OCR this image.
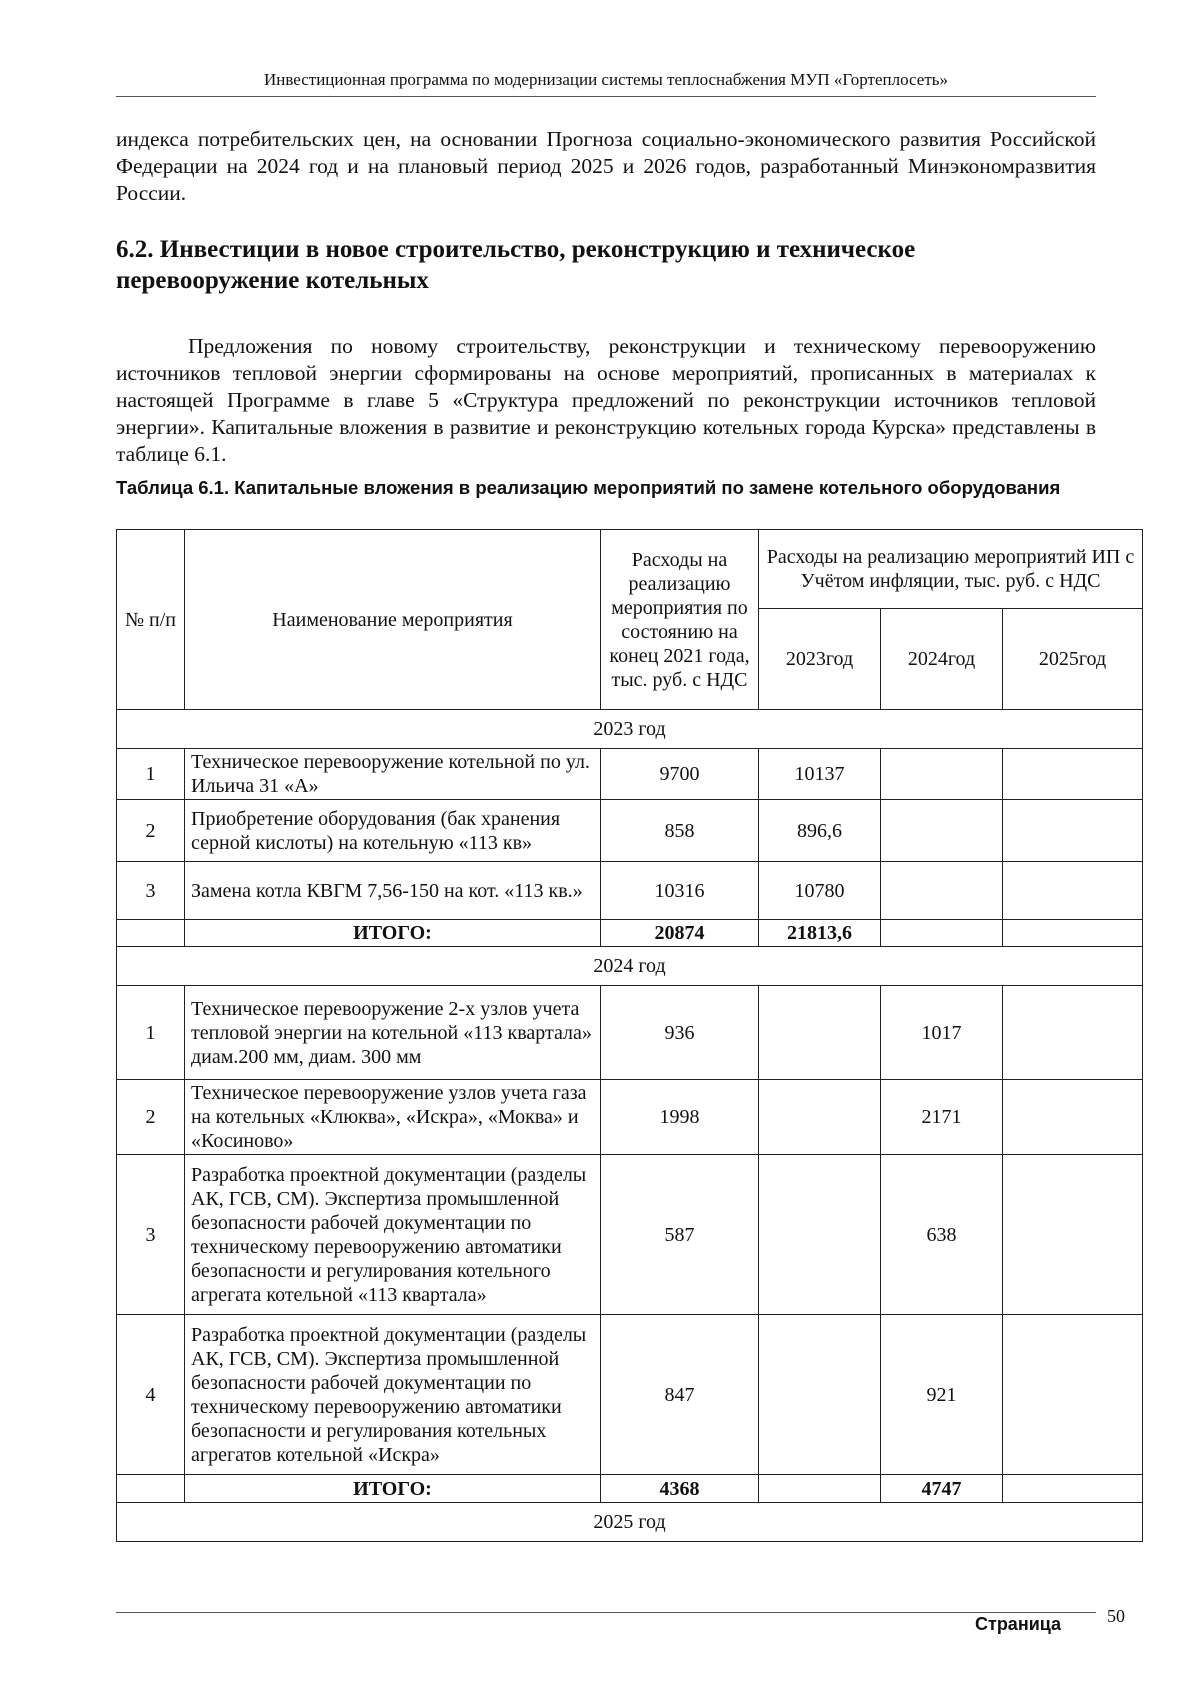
Инвестиционная программа по модернизации системы теплоснабжения МУП «Гортеплосеть»
индекса потребительских цен, на основании Прогноза социально-экономического развития Российской Федерации на 2024 год и на плановый период 2025 и 2026 годов, разработанный Минэкономразвития России.
6.2. Инвестиции в новое строительство, реконструкцию и техническое перевооружение котельных
Предложения по новому строительству, реконструкции и техническому перевооружению источников тепловой энергии сформированы на основе мероприятий, прописанных в материалах к настоящей Программе в главе 5 «Структура предложений по реконструкции источников тепловой энергии». Капитальные вложения в развитие и реконструкцию котельных города Курска» представлены в таблице 6.1.
Таблица 6.1. Капитальные вложения в реализацию мероприятий по замене котельного оборудования
№ п/п	Наименование мероприятия	Расходы на реализацию мероприятия по состоянию на конец 2021 года, тыс. руб. с НДС	Расходы на реализацию мероприятий ИП с Учётом инфляции, тыс. руб. с НДС		
			2023год	2024год	2025год
2023 год					
1	Техническое перевооружение котельной по ул. Ильича 31 «А»	9700	10137		
2	Приобретение оборудования (бак хранения серной кислоты) на котельную «113 кв»	858	896,6		
3	Замена котла КВГМ 7,56-150 на кот. «113 кв.»	10316	10780		
	ИТОГО:	20874	21813,6		
2024 год					
1	Техническое перевооружение 2-х узлов учета тепловой энергии на котельной «113 квартала» диам.200 мм, диам. 300 мм	936		1017	
2	Техническое перевооружение узлов учета газа на котельных «Клюква», «Искра», «Моква» и «Косиново»	1998		2171	
3	Разработка проектной документации (разделы АК, ГСВ, СМ). Экспертиза промышленной безопасности рабочей документации по техническому перевооружению автоматики безопасности и регулирования котельного агрегата котельной «113 квартала»	587		638	
4	Разработка проектной документации (разделы АК, ГСВ, СМ). Экспертиза промышленной безопасности рабочей документации по техническому перевооружению автоматики безопасности и регулирования котельных агрегатов котельной «Искра»	847		921	
	ИТОГО:	4368		4747	
2025 год					
Страница	50
